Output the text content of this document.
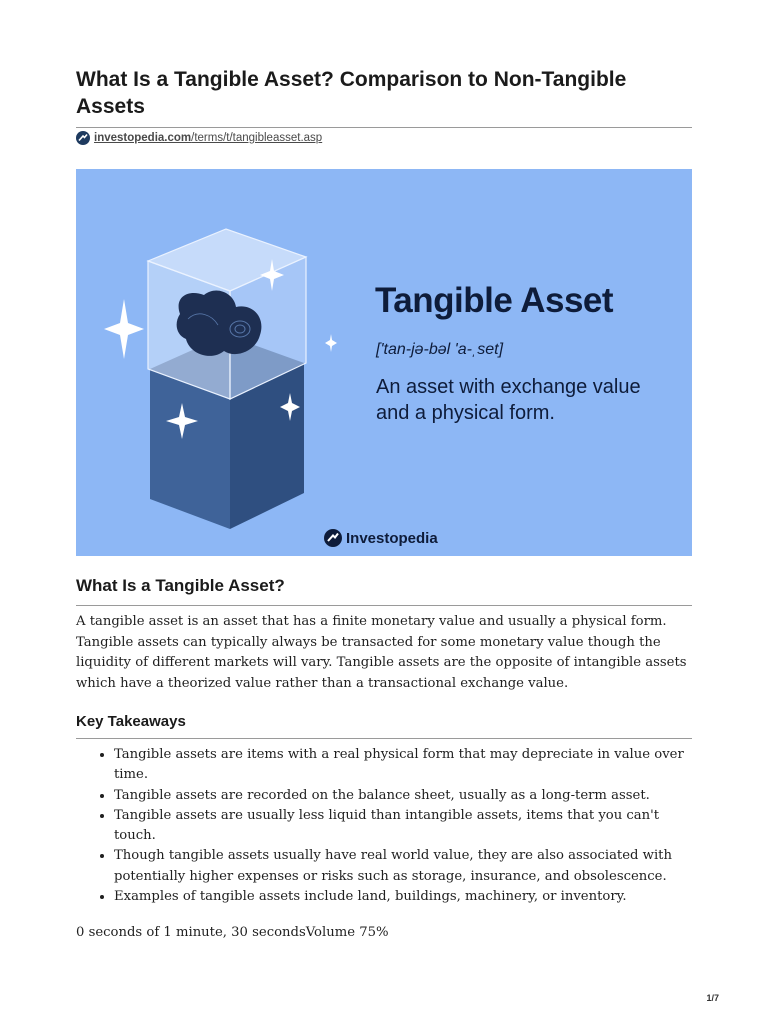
What Is a Tangible Asset? Comparison to Non-Tangible Assets
investopedia.com/terms/t/tangibleasset.asp
Tangible Asset
['tan-jə-bəl 'a-ˌset]
An asset with exchange value and a physical form.
Investopedia
What Is a Tangible Asset?

A tangible asset is an asset that has a finite monetary value and usually a physical form. Tangible assets can typically always be transacted for some monetary value though the liquidity of different markets will vary. Tangible assets are the opposite of intangible assets which have a theorized value rather than a transactional exchange value.

Key Takeaways
• Tangible assets are items with a real physical form that may depreciate in value over time.
• Tangible assets are recorded on the balance sheet, usually as a long-term asset.
• Tangible assets are usually less liquid than intangible assets, items that you can't touch.
• Though tangible assets usually have real world value, they are also associated with potentially higher expenses or risks such as storage, insurance, and obsolescence.
• Examples of tangible assets include land, buildings, machinery, or inventory.

0 seconds of 1 minute, 30 secondsVolume 75%

1/7
